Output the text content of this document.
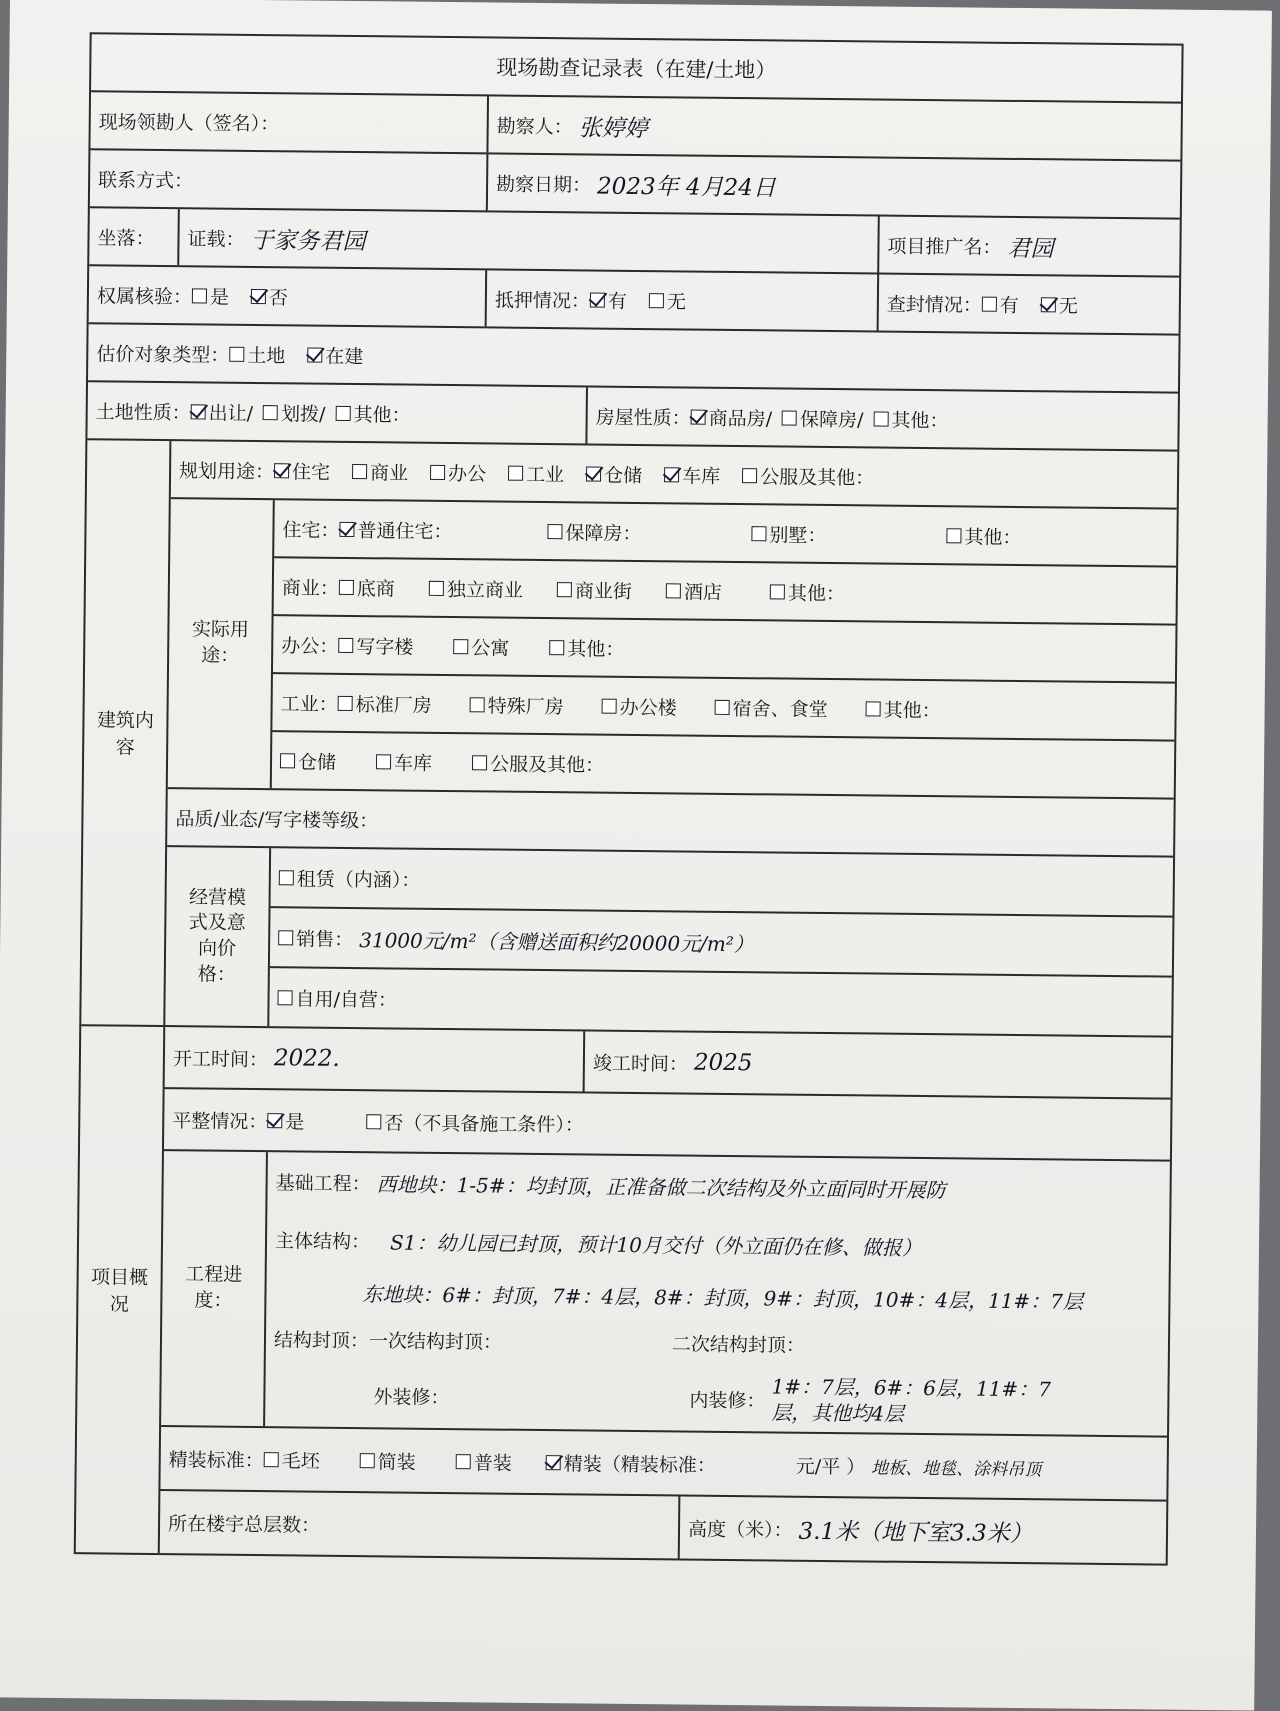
现场勘查记录表（在建/土地）
现场领勘人（签名）：	勘察人： 张婷婷
联系方式：	勘察日期： 2023年 4月24日
坐落： 证载： 于家务君园	项目推广名： 君园
权属核验： 是 否	抵押情况： 有 无	查封情况： 有 无
估价对象类型： 土地 在建
土地性质： 出让/ 划拨/ 其他：	房屋性质： 商品房/ 保障房/ 其他：
建筑内容
规划用途： 住宅 商业 办公 工业 仓储 车库 公服及其他：
实际用途：
住宅： 普通住宅：	保障房：	别墅：	其他：
商业： 底商	独立商业	商业街	酒店	其他：
办公： 写字楼	公寓	其他：
工业： 标准厂房	特殊厂房	办公楼	宿舍、食堂	其他：
仓储	车库	公服及其他：
品质/业态/写字楼等级：
经营模式及意向价格：
租赁（内涵）：
销售： 31000元/m²（含赠送面积约20000元/m²）
自用/自营：
项目概况
开工时间： 2022.	竣工时间： 2025
平整情况： 是	否（不具备施工条件）：
工程进度：
基础工程： 西地块：1-5#：均封顶，正准备做二次结构及外立面同时开展防
主体结构： S1：幼儿园已封顶，预计10月交付（外立面仍在修、做报）
东地块：6#：封顶，7#：4层，8#：封顶，9#：封顶，10#：4层，11#：7层
结构封顶： 一次结构封顶：	二次结构封顶：
外装修：	内装修： 1#：7层，6#：6层，11#：7层，其他均4层
精装标准： 毛坯	简装	普装	精装（精装标准：	元/平 ） 地板、地毯、涂料吊顶
所在楼宇总层数：	高度（米）： 3.1米（地下室3.3米）
